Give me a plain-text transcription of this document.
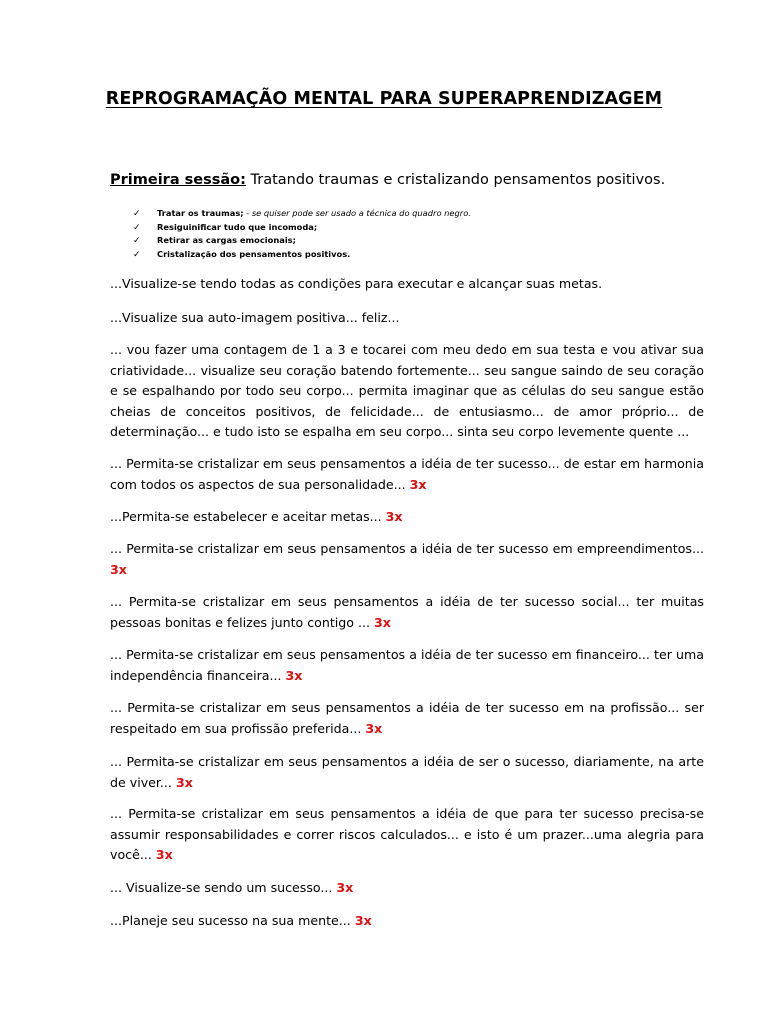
REPROGRAMAÇÃO MENTAL PARA SUPERAPRENDIZAGEM

Primeira sessão: Tratando traumas e cristalizando pensamentos positivos.

✓ Tratar os traumas; - se quiser pode ser usado a técnica do quadro negro.
✓ Resiguinificar tudo que incomoda;
✓ Retirar as cargas emocionais;
✓ Cristalização dos pensamentos positivos.

...Visualize-se tendo todas as condições para executar e alcançar suas metas.

...Visualize sua auto-imagem positiva... feliz...

... vou fazer uma contagem de 1 a 3 e tocarei com meu dedo em sua testa e vou ativar sua criatividade... visualize seu coração batendo fortemente... seu sangue saindo de seu coração e se espalhando por todo seu corpo... permita imaginar que as células do seu sangue estão cheias de conceitos positivos, de felicidade... de entusiasmo... de amor próprio... de determinação... e tudo isto se espalha em seu corpo... sinta seu corpo levemente quente ...

... Permita-se cristalizar em seus pensamentos a idéia de ter sucesso... de estar em harmonia com todos os aspectos de sua personalidade... 3x

...Permita-se estabelecer e aceitar metas... 3x

... Permita-se cristalizar em seus pensamentos a idéia de ter sucesso em empreendimentos... 3x

... Permita-se cristalizar em seus pensamentos a idéia de ter sucesso social... ter muitas pessoas bonitas e felizes junto contigo ... 3x

... Permita-se cristalizar em seus pensamentos a idéia de ter sucesso em financeiro... ter uma independência financeira... 3x

... Permita-se cristalizar em seus pensamentos a idéia de ter sucesso em na profissão... ser respeitado em sua profissão preferida... 3x

... Permita-se cristalizar em seus pensamentos a idéia de ser o sucesso, diariamente, na arte de viver... 3x

... Permita-se cristalizar em seus pensamentos a idéia de que para ter sucesso precisa-se assumir responsabilidades e correr riscos calculados... e isto é um prazer...uma alegria para você... 3x

... Visualize-se sendo um sucesso... 3x

...Planeje seu sucesso na sua mente... 3x
